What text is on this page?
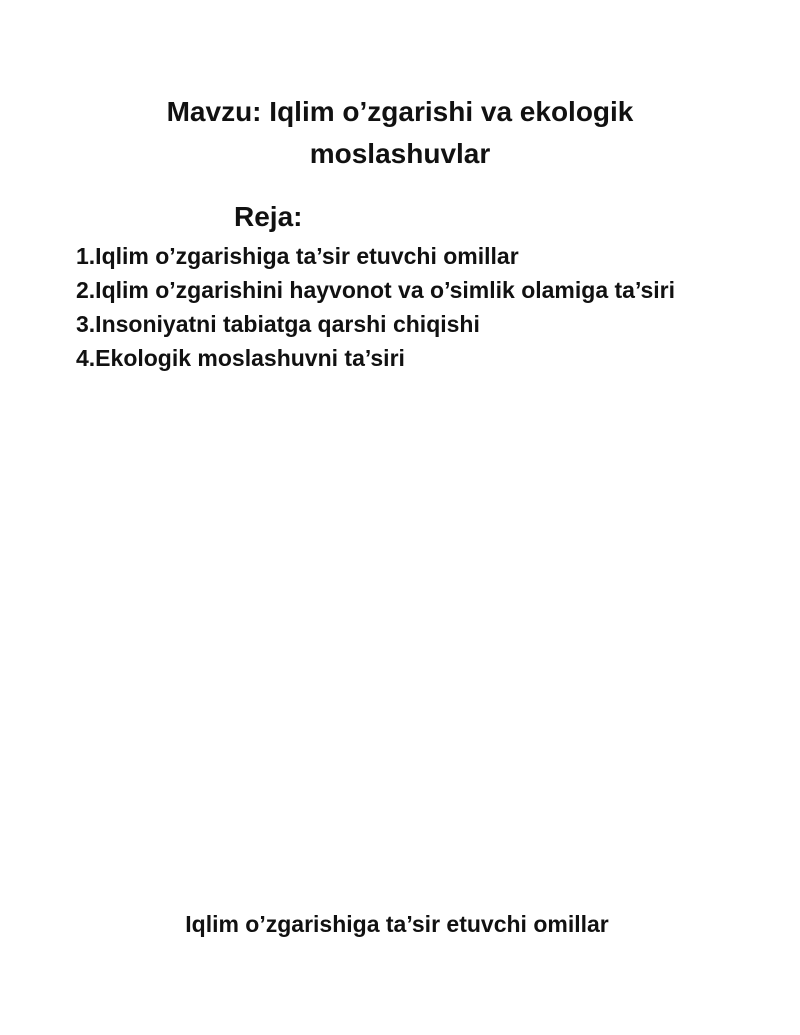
Mavzu: Iqlim o’zgarishi va ekologik moslashuvlar
Reja:
1.Iqlim o’zgarishiga ta’sir etuvchi omillar
2.Iqlim o’zgarishini hayvonot va o’simlik olamiga ta’siri
3.Insoniyatni tabiatga qarshi chiqishi
4.Ekologik moslashuvni ta’siri
Iqlim o’zgarishiga ta’sir etuvchi omillar
